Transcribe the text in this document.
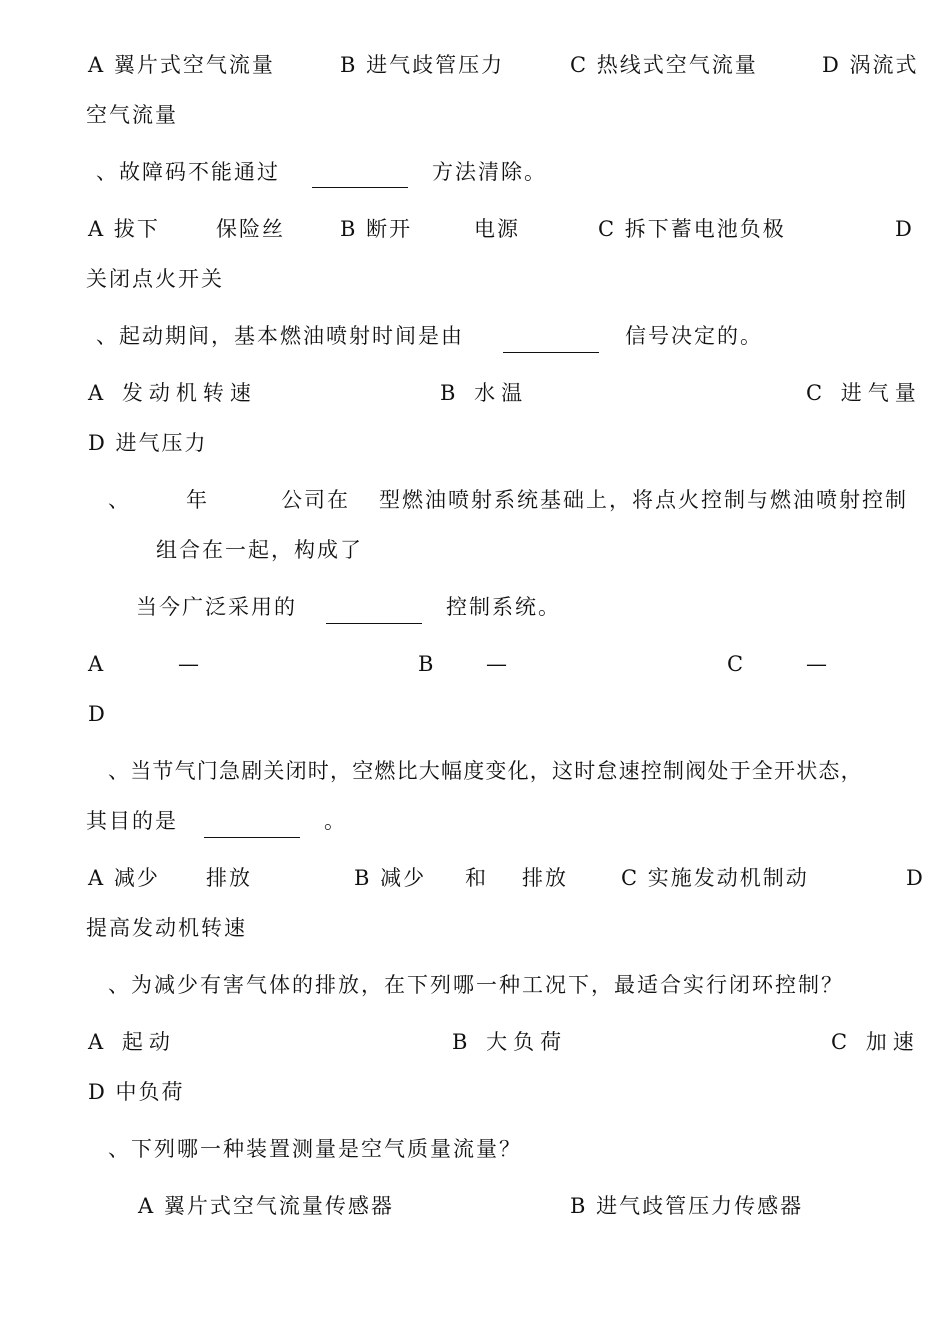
A 翼片式空气流量	B 进气歧管压力	C 热线式空气流量	D 涡流式
空气流量
、故障码不能通过	方法清除。
A 拔下	保险丝	B 断开	电源	C 拆下蓄电池负极	D
关闭点火开关
、起动期间，基本燃油喷射时间是由	信号决定的。
A 发动机转速	B 水温	C 进气量
D 进气压力
、	年	公司在 型燃油喷射系统基础上，将点火控制与燃油喷射控制
组合在一起，构成了
当今广泛采用的	控制系统。
A	—	B —	C	—
D
、当节气门急剧关闭时，空燃比大幅度变化，这时怠速控制阀处于全开状态，
其目的是	。
A 减少 排放	B 减少 和 排放	C 实施发动机制动	D
提高发动机转速
、为减少有害气体的排放，在下列哪一种工况下，最适合实行闭环控制？
A 起动	B 大负荷	C 加速
D 中负荷
、下列哪一种装置测量是空气质量流量？
A 翼片式空气流量传感器	B 进气歧管压力传感器
